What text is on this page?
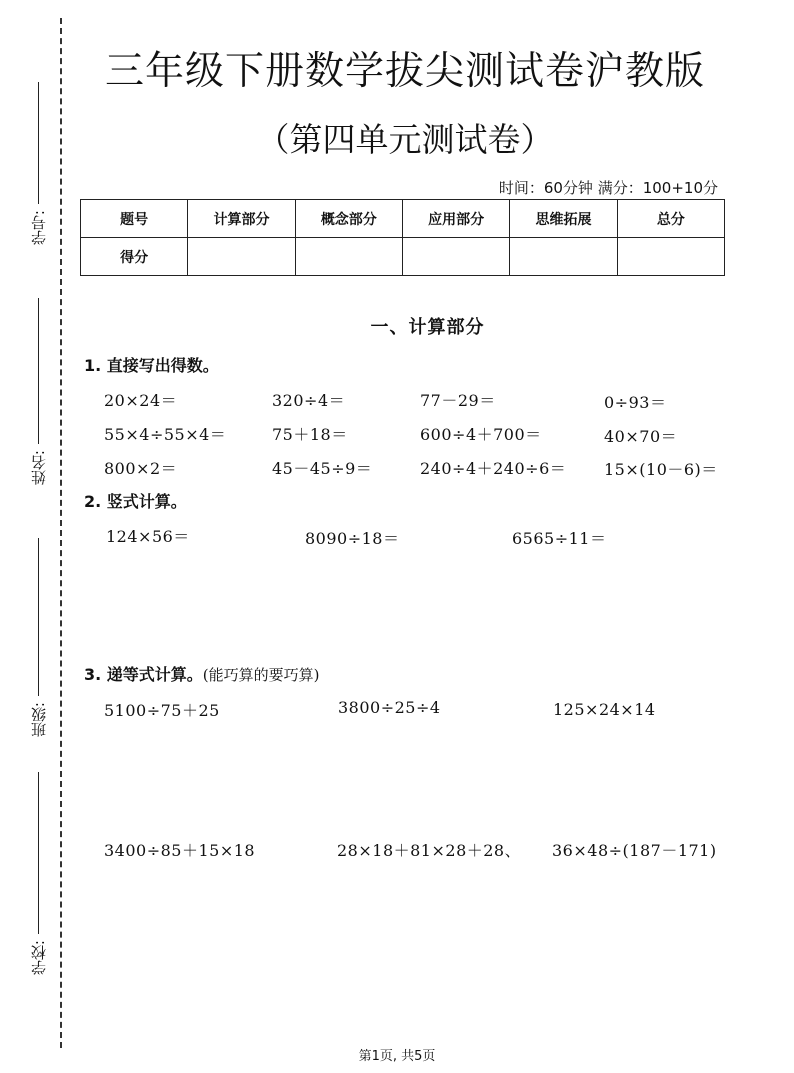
学号:
姓名:
班级:
学校:
三年级下册数学拔尖测试卷沪教版
（第四单元测试卷）
时间：60分钟 满分：100+10分
题号	计算部分	概念部分	应用部分	思维拓展	总分
得分					
一、计算部分
1. 直接写出得数。
20×24＝	320÷4＝	77－29＝	0÷93＝
55×4÷55×4＝	75＋18＝	600÷4＋700＝	40×70＝
800×2＝	45－45÷9＝	240÷4＋240÷6＝ 15×(10－6)＝
2. 竖式计算。
124×56＝	8090÷18＝	6565÷11＝
3. 递等式计算。(能巧算的要巧算)
5100÷75＋25	3800÷25÷4	125×24×14
3400÷85＋15×18	28×18＋81×28＋28、 36×48÷(187－171)
第1页, 共5页
